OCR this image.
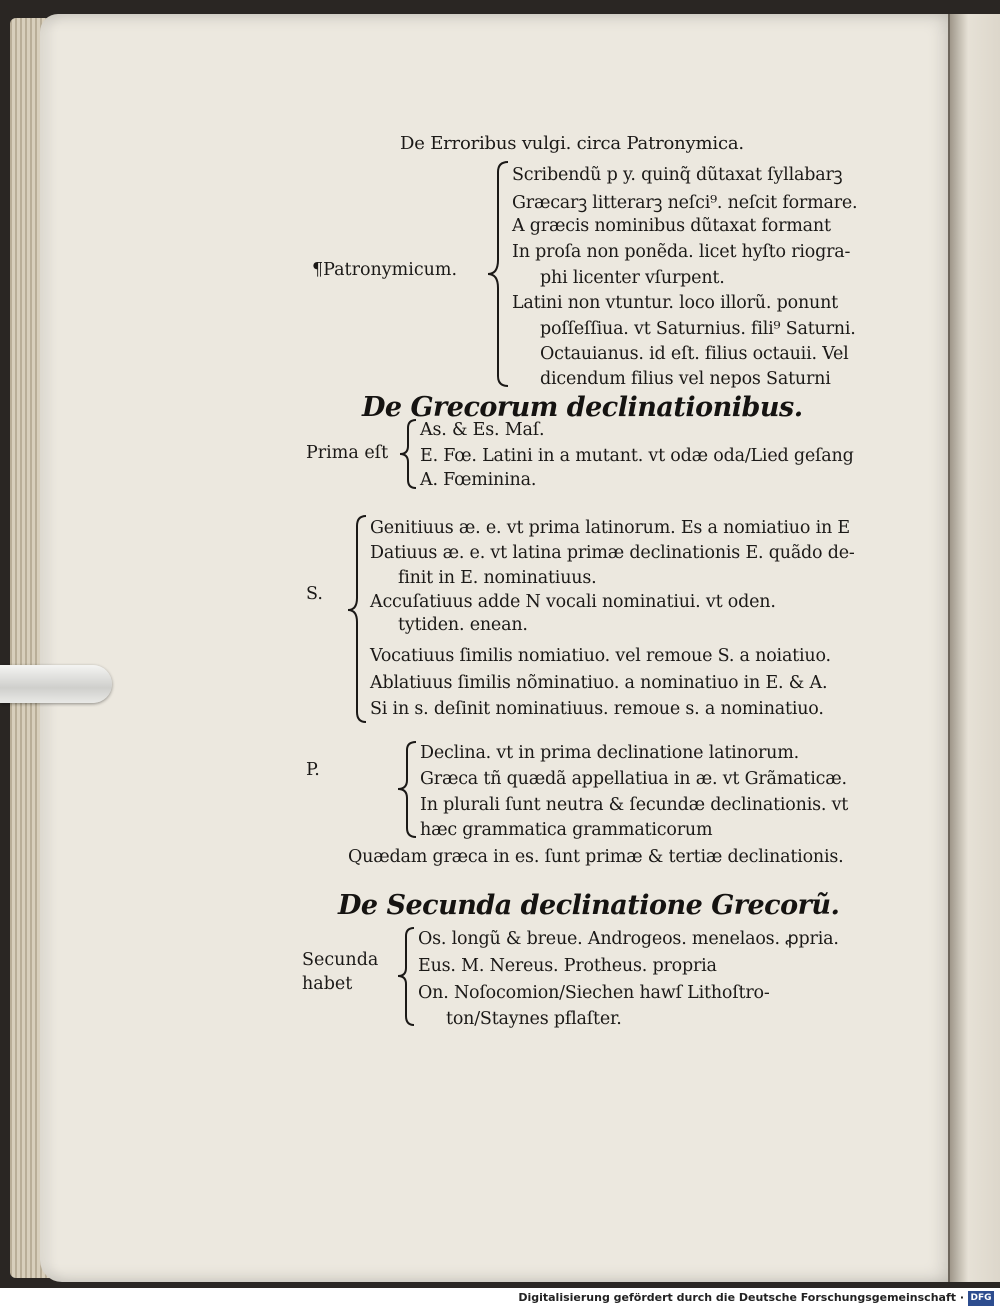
De Erroribus vulgi. circa Patronymica.
¶Patronymicum.
Scribendũ p y. quinq̃ dũtaxat ſyllabarꝫ
Græcarꝫ litterarꝫ neſci⁹. neſcit formare.
A græcis nominibus dũtaxat formant
In proſa non ponẽda. licet hyſto riogra-
phi licenter vſurpent.
Latini non vtuntur. loco illorũ. ponunt
poſſeſſiua. vt Saturnius. fili⁹ Saturni.
Octauianus. id eſt. filius octauii. Vel
dicendum filius vel nepos Saturni
De Grecorum declinationibus.
Prima eſt
As. & Es. Maſ.
E. Fœ. Latini in a mutant. vt odæ oda/Lied geſang
A. Fœminina.
S.
Genitiuus æ. e. vt prima latinorum. Es a nomiatiuo in E
Datiuus æ. e. vt latina primæ declinationis E. quãdo de-
finit in E. nominatiuus.
Accuſatiuus adde N vocali nominatiui. vt oden.
tytiden. enean.
Vocatiuus ſimilis nomiatiuo. vel remoue S. a noiatiuo.
Ablatiuus ſimilis nõminatiuo. a nominatiuo in E. & A.
Si in s. deſinit nominatiuus. remoue s. a nominatiuo.
P.
Declina. vt in prima declinatione latinorum.
Græca tñ quædã appellatiua in æ. vt Grãmaticæ.
In plurali ſunt neutra & ſecundæ declinationis. vt
hæc grammatica grammaticorum
Quædam græca in es. ſunt primæ & tertiæ declinationis.
De Secunda declinatione Grecorũ.
Secunda
habet
Os. longũ & breue. Androgeos. menelaos. ꝓpria.
Eus. M. Nereus. Protheus. propria
On. Noſocomion/Siechen hawſ Lithoſtro-
ton/Staynes pflaſter.
Digitalisierung gefördert durch die Deutsche Forschungsgemeinschaft · DFG
